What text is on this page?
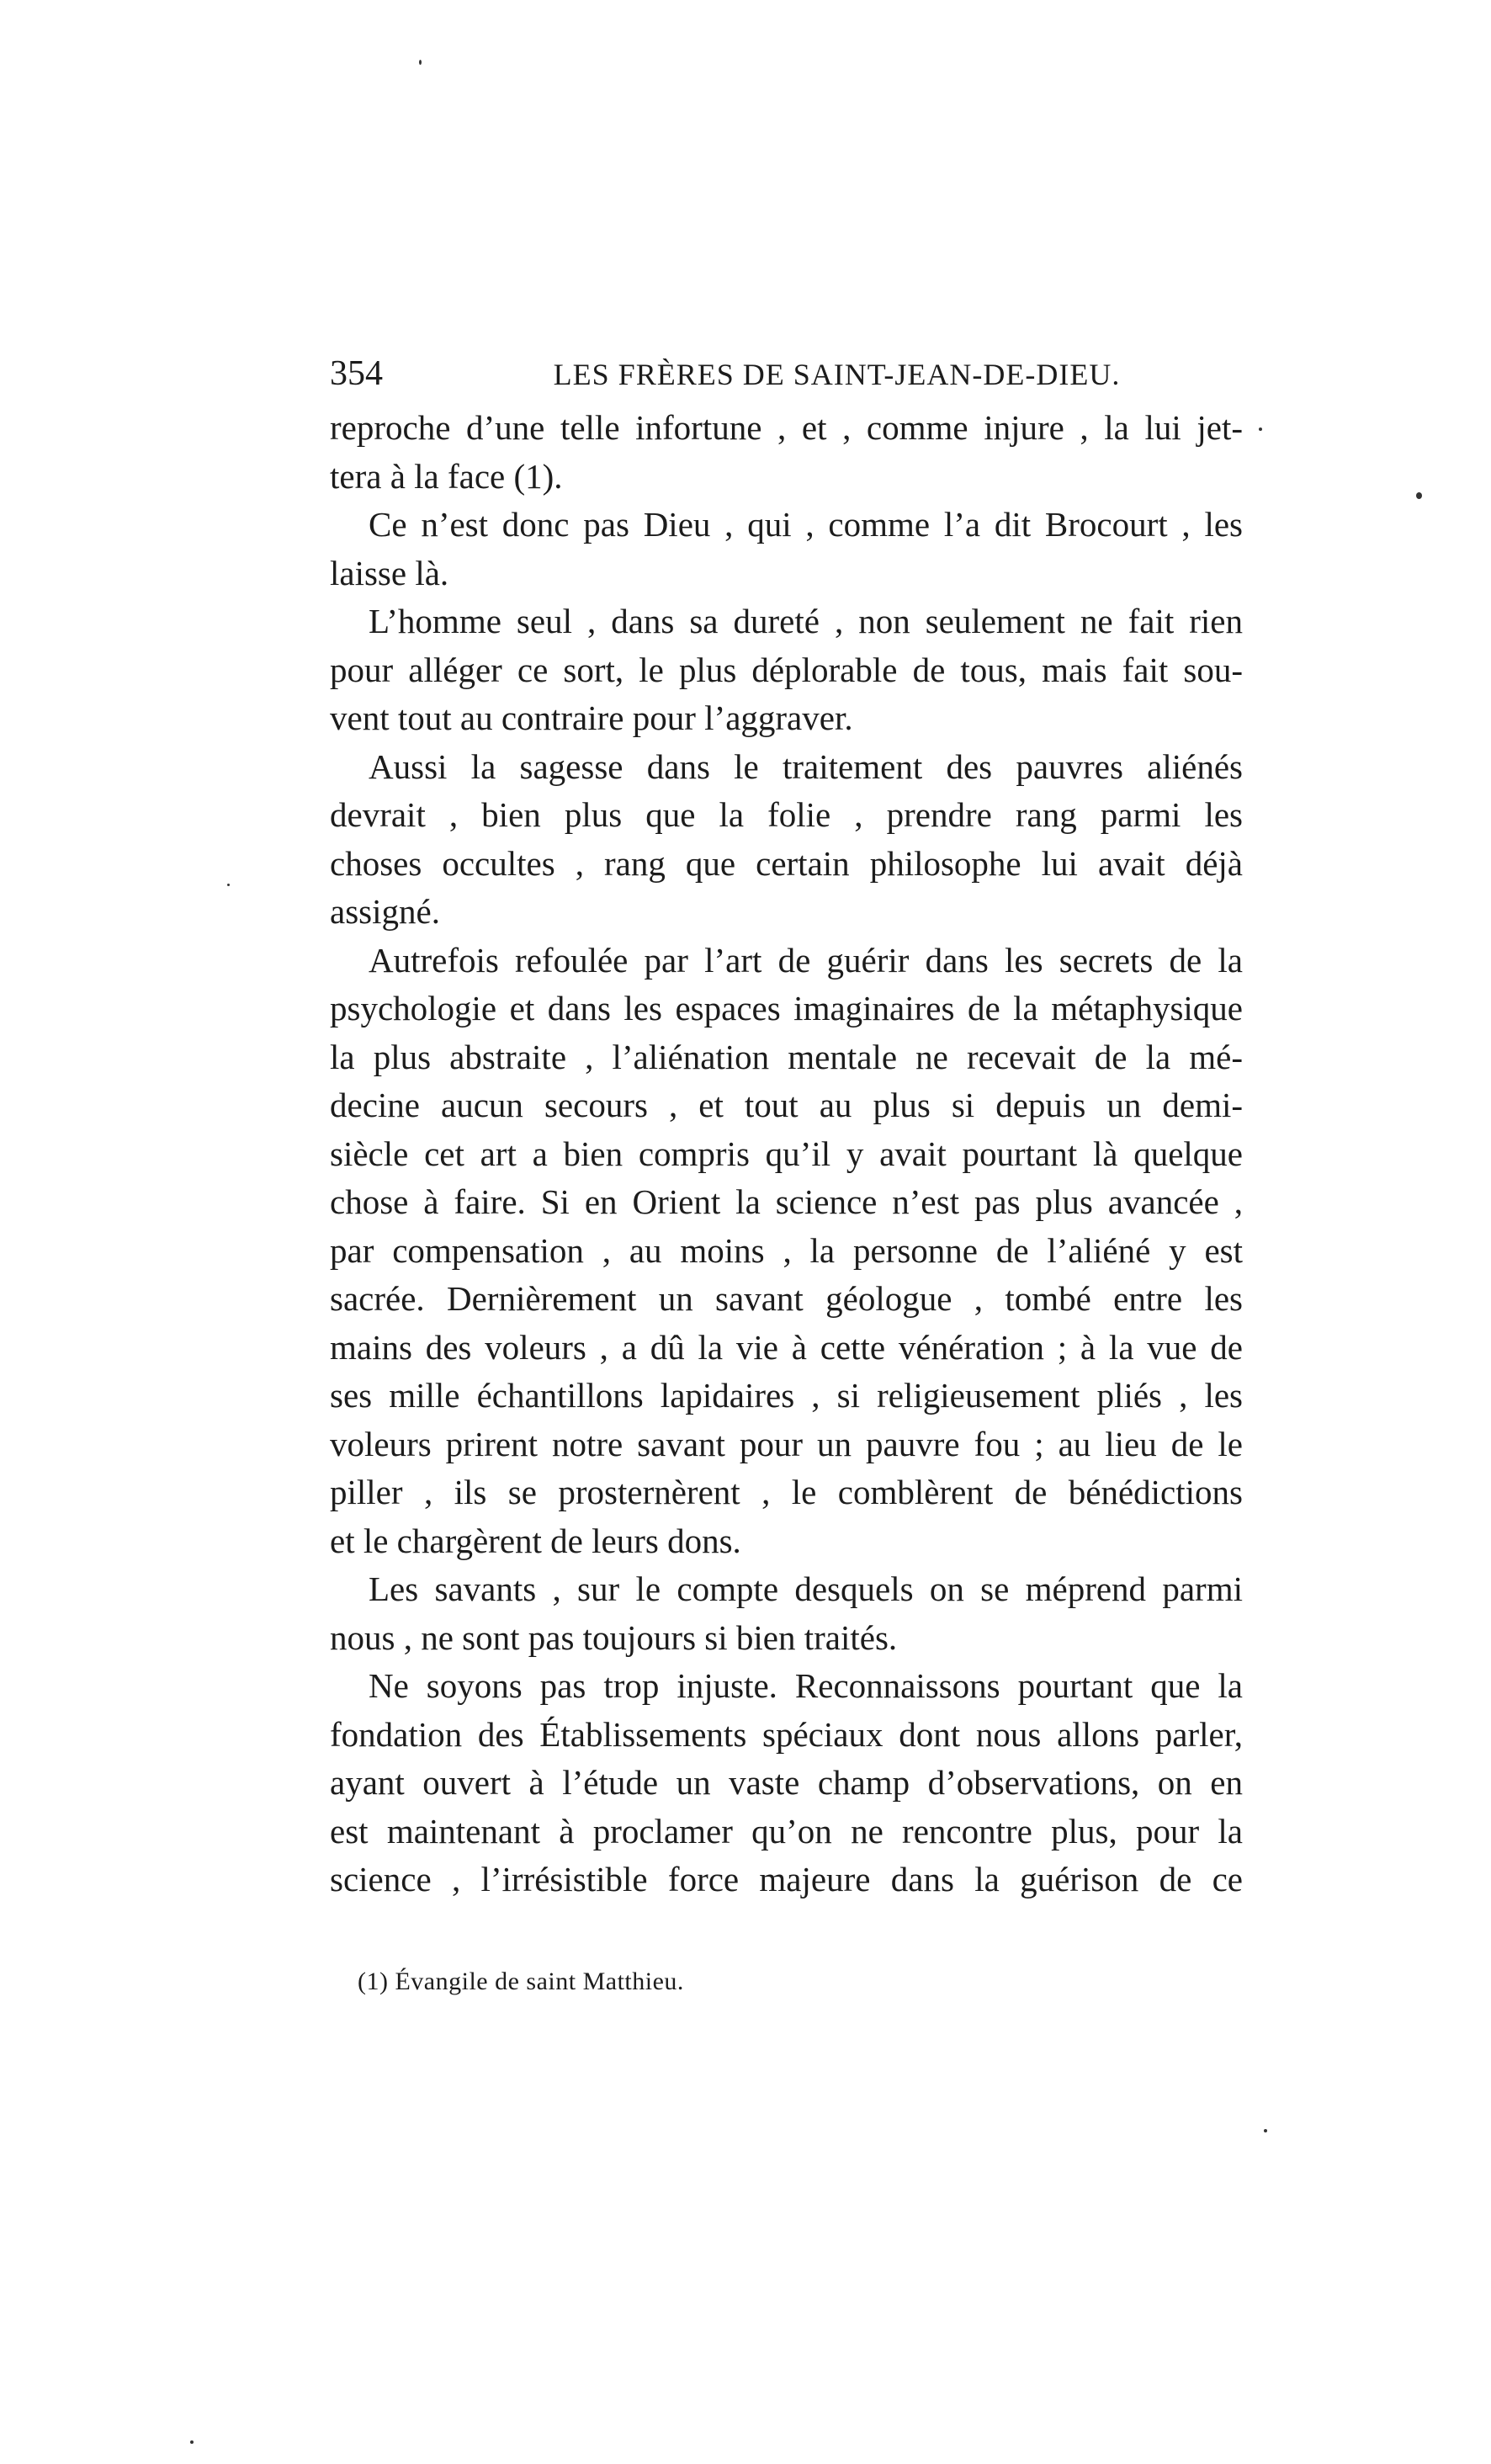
354	LES FRÈRES DE SAINT-JEAN-DE-DIEU.
reproche d’une telle infortune , et , comme injure , la lui jet-
tera à la face (1).
Ce n’est donc pas Dieu , qui , comme l’a dit Brocourt , les
laisse là.
L’homme seul , dans sa dureté , non seulement ne fait rien
pour alléger ce sort, le plus déplorable de tous, mais fait sou-
vent tout au contraire pour l’aggraver.
Aussi la sagesse dans le traitement des pauvres aliénés
devrait , bien plus que la folie , prendre rang parmi les
choses occultes , rang que certain philosophe lui avait déjà
assigné.
Autrefois refoulée par l’art de guérir dans les secrets de la
psychologie et dans les espaces imaginaires de la métaphysique
la plus abstraite , l’aliénation mentale ne recevait de la mé-
decine aucun secours , et tout au plus si depuis un demi-
siècle cet art a bien compris qu’il y avait pourtant là quelque
chose à faire. Si en Orient la science n’est pas plus avancée ,
par compensation , au moins , la personne de l’aliéné y est
sacrée. Dernièrement un savant géologue , tombé entre les
mains des voleurs , a dû la vie à cette vénération ; à la vue de
ses mille échantillons lapidaires , si religieusement pliés , les
voleurs prirent notre savant pour un pauvre fou ; au lieu de le
piller , ils se prosternèrent , le comblèrent de bénédictions
et le chargèrent de leurs dons.
Les savants , sur le compte desquels on se méprend parmi
nous , ne sont pas toujours si bien traités.
Ne soyons pas trop injuste. Reconnaissons pourtant que la
fondation des Établissements spéciaux dont nous allons parler,
ayant ouvert à l’étude un vaste champ d’observations, on en
est maintenant à proclamer qu’on ne rencontre plus, pour la
science , l’irrésistible force majeure dans la guérison de ce
(1) Évangile de saint Matthieu.
